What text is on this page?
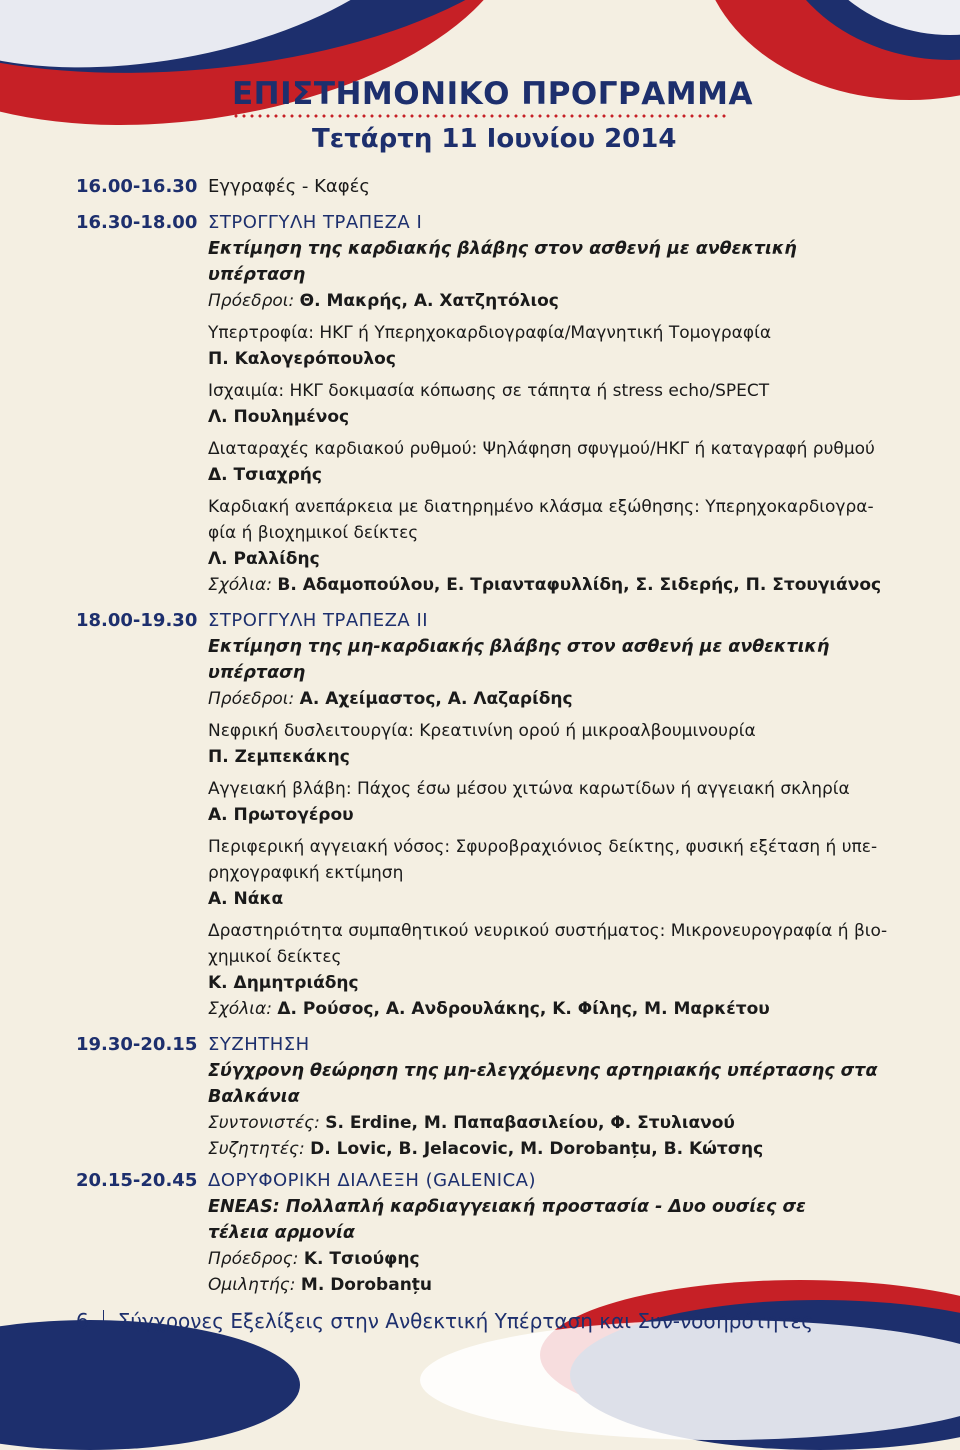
ΕΠΙΣΤΗΜΟΝΙΚΟ ΠΡΟΓΡΑΜΜΑ
Τετάρτη 11 Ιουνίου 2014
16.00-16.30 Εγγραφές - Καφές
16.30-18.00 ΣΤΡΟΓΓΥΛΗ ΤΡΑΠΕΖΑ Ι
Εκτίμηση της καρδιακής βλάβης στον ασθενή με ανθεκτική υπέρταση
Πρόεδροι: Θ. Μακρής, Α. Χατζητόλιος
Υπερτροφία: ΗΚΓ ή Υπερηχοκαρδιογραφία/Μαγνητική Τομογραφία
Π. Καλογερόπουλος
Ισχαιμία: ΗΚΓ δοκιμασία κόπωσης σε τάπητα ή stress echo/SPECT
Λ. Πουλημένος
Διαταραχές καρδιακού ρυθμού: Ψηλάφηση σφυγμού/ΗΚΓ ή καταγραφή ρυθμού
Δ. Τσιαχρής
Καρδιακή ανεπάρκεια με διατηρημένο κλάσμα εξώθησης: Υπερηχοκαρδιογρα-
φία ή βιοχημικοί δείκτες
Λ. Ραλλίδης
Σχόλια: Β. Αδαμοπούλου, Ε. Τριανταφυλλίδη, Σ. Σιδερής, Π. Στουγιάνος
18.00-19.30 ΣΤΡΟΓΓΥΛΗ ΤΡΑΠΕΖΑ ΙΙ
Εκτίμηση της μη-καρδιακής βλάβης στον ασθενή με ανθεκτική υπέρταση
Πρόεδροι: Α. Αχείμαστος, Α. Λαζαρίδης
Νεφρική δυσλειτουργία: Κρεατινίνη ορού ή μικροαλβουμινουρία
Π. Ζεμπεκάκης
Αγγειακή βλάβη: Πάχος έσω μέσου χιτώνα καρωτίδων ή αγγειακή σκληρία
Α. Πρωτογέρου
Περιφερική αγγειακή νόσος: Σφυροβραχιόνιος δείκτης, φυσική εξέταση ή υπε-
ρηχογραφική εκτίμηση
Α. Νάκα
Δραστηριότητα συμπαθητικού νευρικού συστήματος: Μικρονευρογραφία ή βιο-
χημικοί δείκτες
Κ. Δημητριάδης
Σχόλια: Δ. Ρούσος, Α. Ανδρουλάκης, Κ. Φίλης, Μ. Μαρκέτου
19.30-20.15 ΣΥΖΗΤΗΣΗ
Σύγχρονη θεώρηση της μη-ελεγχόμενης αρτηριακής υπέρτασης στα
Βαλκάνια
Συντονιστές: S. Erdine, Μ. Παπαβασιλείου, Φ. Στυλιανού
Συζητητές: D. Lovic, B. Jelacovic, M. Dorobanțu, Β. Κώτσης
20.15-20.45 ΔΟΡΥΦΟΡΙΚΗ ΔΙΑΛΕΞΗ (GALENICA)
ENEAS: Πολλαπλή καρδιαγγειακή προστασία - Δυο ουσίες σε
τέλεια αρμονία
Πρόεδρος: Κ. Τσιούφης
Ομιλητής: M. Dorobanțu
6 Σύγχρονες Εξελίξεις στην Ανθεκτική Υπέρταση και Συν-νοσηρότητες
